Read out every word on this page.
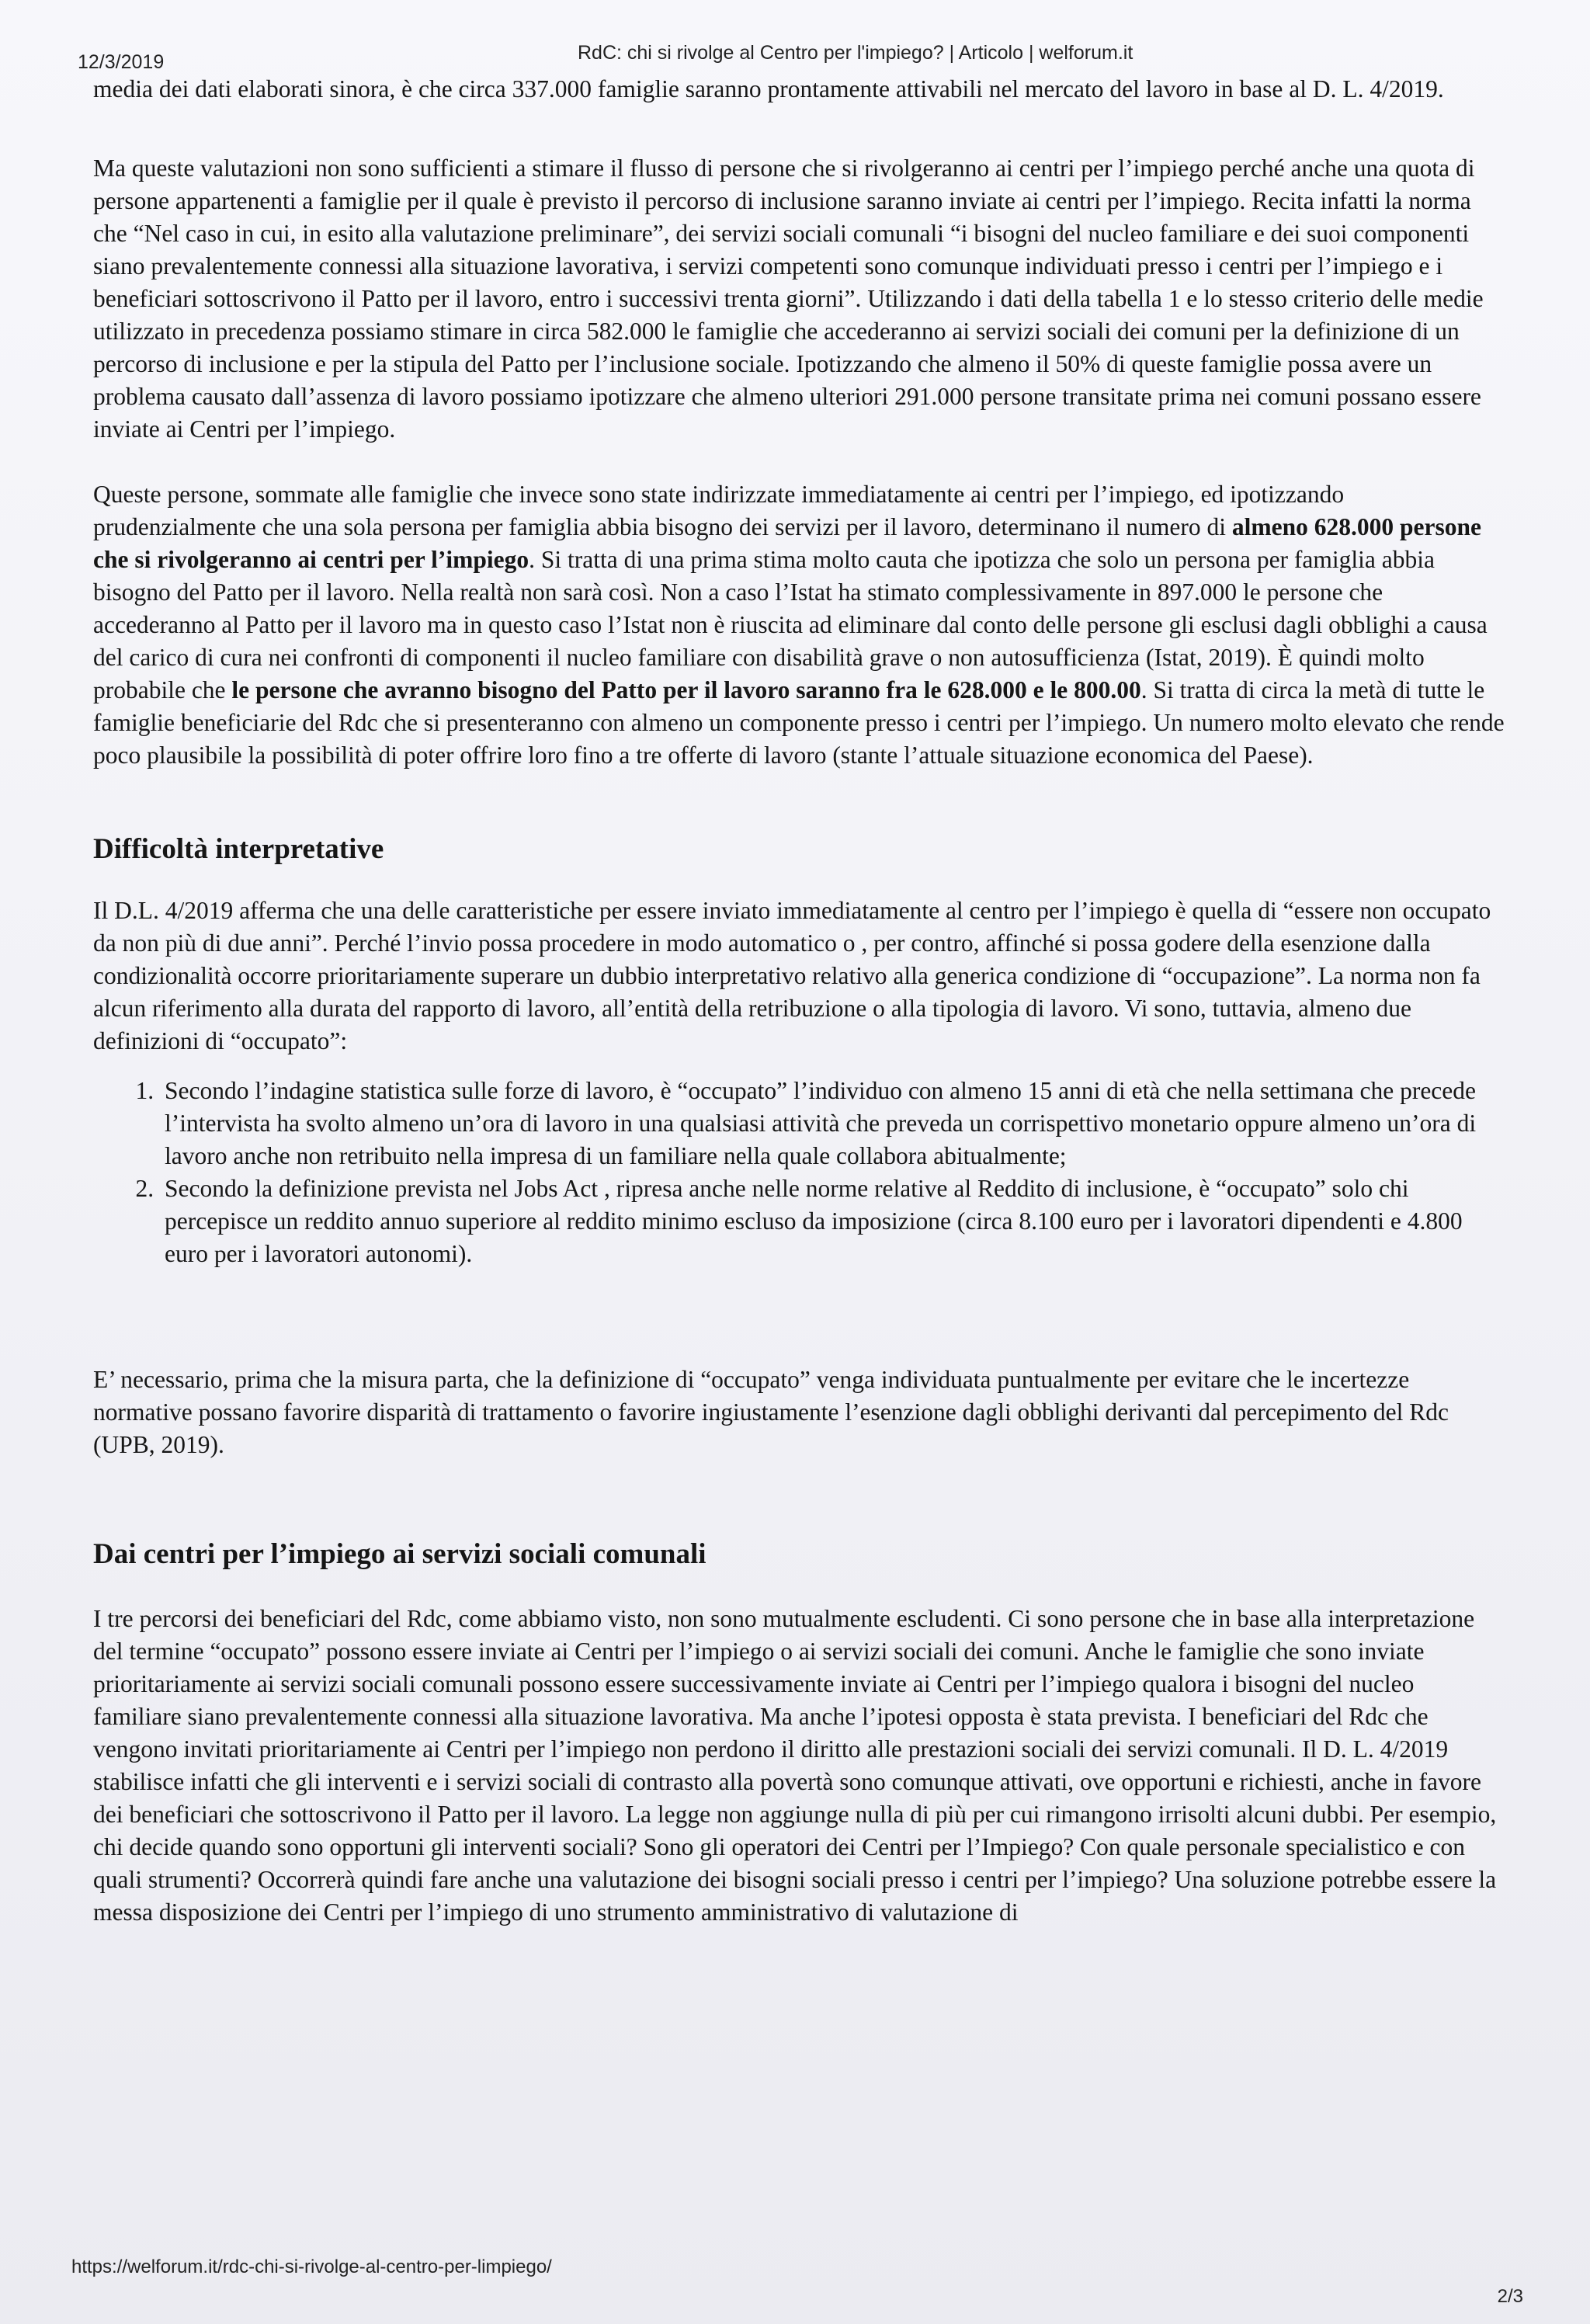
12/3/2019	RdC: chi si rivolge al Centro per l'impiego? | Articolo | welforum.it

media dei dati elaborati sinora, è che circa 337.000 famiglie saranno prontamente attivabili nel mercato del lavoro in base al D. L. 4/2019.

Ma queste valutazioni non sono sufficienti a stimare il flusso di persone che si rivolgeranno ai centri per l’impiego perché anche una quota di persone appartenenti a famiglie per il quale è previsto il percorso di inclusione saranno inviate ai centri per l’impiego. Recita infatti la norma che “Nel caso in cui, in esito alla valutazione preliminare”, dei servizi sociali comunali “i bisogni del nucleo familiare e dei suoi componenti siano prevalentemente connessi alla situazione lavorativa, i servizi competenti sono comunque individuati presso i centri per l’impiego e i beneficiari sottoscrivono il Patto per il lavoro, entro i successivi trenta giorni”. Utilizzando i dati della tabella 1 e lo stesso criterio delle medie utilizzato in precedenza possiamo stimare in circa 582.000 le famiglie che accederanno ai servizi sociali dei comuni per la definizione di un percorso di inclusione e per la stipula del Patto per l’inclusione sociale. Ipotizzando che almeno il 50% di queste famiglie possa avere un problema causato dall’assenza di lavoro possiamo ipotizzare che almeno ulteriori 291.000 persone transitate prima nei comuni possano essere inviate ai Centri per l’impiego.

Queste persone, sommate alle famiglie che invece sono state indirizzate immediatamente ai centri per l’impiego, ed ipotizzando prudenzialmente che una sola persona per famiglia abbia bisogno dei servizi per il lavoro, determinano il numero di almeno 628.000 persone che si rivolgeranno ai centri per l’impiego. Si tratta di una prima stima molto cauta che ipotizza che solo un persona per famiglia abbia bisogno del Patto per il lavoro. Nella realtà non sarà così. Non a caso l’Istat ha stimato complessivamente in 897.000 le persone che accederanno al Patto per il lavoro ma in questo caso l’Istat non è riuscita ad eliminare dal conto delle persone gli esclusi dagli obblighi a causa del carico di cura nei confronti di componenti il nucleo familiare con disabilità grave o non autosufficienza (Istat, 2019). È quindi molto probabile che le persone che avranno bisogno del Patto per il lavoro saranno fra le 628.000 e le 800.00. Si tratta di circa la metà di tutte le famiglie beneficiarie del Rdc che si presenteranno con almeno un componente presso i centri per l’impiego. Un numero molto elevato che rende poco plausibile la possibilità di poter offrire loro fino a tre offerte di lavoro (stante l’attuale situazione economica del Paese).

Difficoltà interpretative

Il D.L. 4/2019 afferma che una delle caratteristiche per essere inviato immediatamente al centro per l’impiego è quella di “essere non occupato da non più di due anni”. Perché l’invio possa procedere in modo automatico o , per contro, affinché si possa godere della esenzione dalla condizionalità occorre prioritariamente superare un dubbio interpretativo relativo alla generica condizione di “occupazione”. La norma non fa alcun riferimento alla durata del rapporto di lavoro, all’entità della retribuzione o alla tipologia di lavoro. Vi sono, tuttavia, almeno due definizioni di “occupato”:

1. Secondo l’indagine statistica sulle forze di lavoro, è “occupato” l’individuo con almeno 15 anni di età che nella settimana che precede l’intervista ha svolto almeno un’ora di lavoro in una qualsiasi attività che preveda un corrispettivo monetario oppure almeno un’ora di lavoro anche non retribuito nella impresa di un familiare nella quale collabora abitualmente;
2. Secondo la definizione prevista nel Jobs Act , ripresa anche nelle norme relative al Reddito di inclusione, è “occupato” solo chi percepisce un reddito annuo superiore al reddito minimo escluso da imposizione (circa 8.100 euro per i lavoratori dipendenti e 4.800 euro per i lavoratori autonomi).

E’ necessario, prima che la misura parta, che la definizione di “occupato” venga individuata puntualmente per evitare che le incertezze normative possano favorire disparità di trattamento o favorire ingiustamente l’esenzione dagli obblighi derivanti dal percepimento del Rdc (UPB, 2019).

Dai centri per l’impiego ai servizi sociali comunali

I tre percorsi dei beneficiari del Rdc, come abbiamo visto, non sono mutualmente escludenti. Ci sono persone che in base alla interpretazione del termine “occupato” possono essere inviate ai Centri per l’impiego o ai servizi sociali dei comuni. Anche le famiglie che sono inviate prioritariamente ai servizi sociali comunali possono essere successivamente inviate ai Centri per l’impiego qualora i bisogni del nucleo familiare siano prevalentemente connessi alla situazione lavorativa. Ma anche l’ipotesi opposta è stata prevista. I beneficiari del Rdc che vengono invitati prioritariamente ai Centri per l’impiego non perdono il diritto alle prestazioni sociali dei servizi comunali. Il D. L. 4/2019 stabilisce infatti che gli interventi e i servizi sociali di contrasto alla povertà sono comunque attivati, ove opportuni e richiesti, anche in favore dei beneficiari che sottoscrivono il Patto per il lavoro. La legge non aggiunge nulla di più per cui rimangono irrisolti alcuni dubbi. Per esempio, chi decide quando sono opportuni gli interventi sociali? Sono gli operatori dei Centri per l’Impiego? Con quale personale specialistico e con quali strumenti? Occorrerà quindi fare anche una valutazione dei bisogni sociali presso i centri per l’impiego? Una soluzione potrebbe essere la messa disposizione dei Centri per l’impiego di uno strumento amministrativo di valutazione di

https://welforum.it/rdc-chi-si-rivolge-al-centro-per-limpiego/
2/3
